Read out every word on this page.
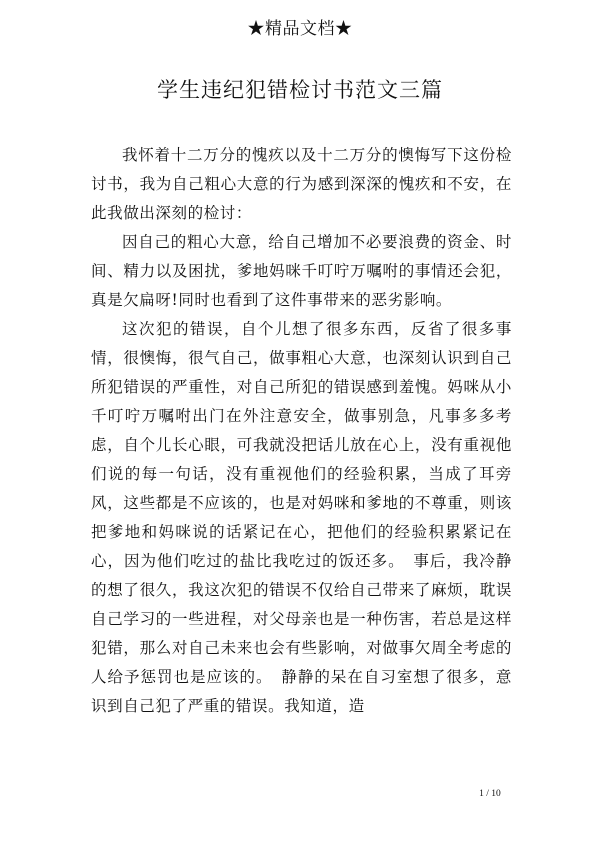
★精品文档★
学生违纪犯错检讨书范文三篇

我怀着十二万分的愧疚以及十二万分的懊悔写下这份检讨书，我为自己粗心大意的行为感到深深的愧疚和不安，在此我做出深刻的检讨：

因自己的粗心大意，给自己增加不必要浪费的资金、时间、精力以及困扰，爹地妈咪千叮咛万嘱咐的事情还会犯，真是欠扁呀!同时也看到了这件事带来的恶劣影响。

这次犯的错误，自个儿想了很多东西，反省了很多事情，很懊悔，很气自己，做事粗心大意，也深刻认识到自己所犯错误的严重性，对自己所犯的错误感到羞愧。妈咪从小千叮咛万嘱咐出门在外注意安全，做事别急，凡事多多考虑，自个儿长心眼，可我就没把话儿放在心上，没有重视他们说的每一句话，没有重视他们的经验积累，当成了耳旁风，这些都是不应该的，也是对妈咪和爹地的不尊重，则该把爹地和妈咪说的话紧记在心，把他们的经验积累紧记在心，因为他们吃过的盐比我吃过的饭还多。　事后，我冷静的想了很久，我这次犯的错误不仅给自己带来了麻烦，耽误自己学习的一些进程，对父母亲也是一种伤害，若总是这样犯错，那么对自己未来也会有些影响，对做事欠周全考虑的人给予惩罚也是应该的。　静静的呆在自习室想了很多，意识到自己犯了严重的错误。我知道，造

1 / 10
